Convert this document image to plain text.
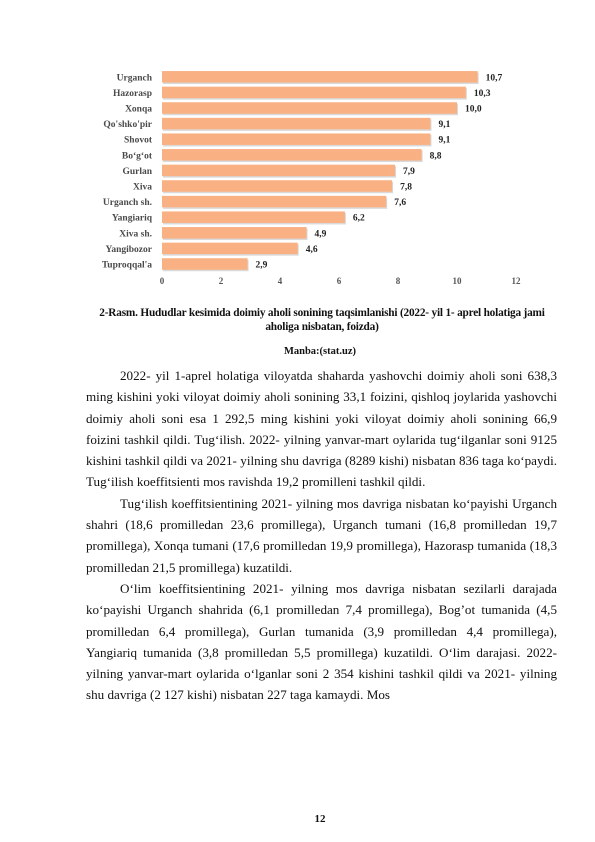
Urganch	10,7
Hazorasp	10,3
Xonqa	10,0
Qo'shko'pir	9,1
Shovot	9,1
Bo‘g‘ot	8,8
Gurlan	7,9
Xiva	7,8
Urganch sh.	7,6
Yangiariq	6,2
Xiva sh.	4,9
Yangibozor	4,6
Tuproqqal'a	2,9
0	2	4	6	8	10	12
2-Rasm. Hududlar kesimida doimiy aholi sonining taqsimlanishi (2022- yil 1- aprel holatiga jami aholiga nisbatan, foizda)
Manba:(stat.uz)

2022- yil 1-aprel holatiga viloyatda shaharda yashovchi doimiy aholi soni 638,3 ming kishini yoki viloyat doimiy aholi sonining 33,1 foizini, qishloq joylarida yashovchi doimiy aholi soni esa 1 292,5 ming kishini yoki viloyat doimiy aholi sonining 66,9 foizini tashkil qildi. Tug‘ilish. 2022- yilning yanvar-mart oylarida tug‘ilganlar soni 9125 kishini tashkil qildi va 2021- yilning shu davriga (8289 kishi) nisbatan 836 taga ko‘paydi. Tug‘ilish koeffitsienti mos ravishda 19,2 promilleni tashkil qildi.

Tug‘ilish koeffitsientining 2021- yilning mos davriga nisbatan ko‘payishi Urganch shahri (18,6 promilledan 23,6 promillega), Urganch tumani (16,8 promilledan 19,7 promillega), Xonqa tumani (17,6 promilledan 19,9 promillega), Hazorasp tumanida (18,3 promilledan 21,5 promillega) kuzatildi.

O‘lim koeffitsientining 2021- yilning mos davriga nisbatan sezilarli darajada ko‘payishi Urganch shahrida (6,1 promilledan 7,4 promillega), Bog’ot tumanida (4,5 promilledan 6,4 promillega), Gurlan tumanida (3,9 promilledan 4,4 promillega), Yangiariq tumanida (3,8 promilledan 5,5 promillega) kuzatildi. O‘lim darajasi. 2022- yilning yanvar-mart oylarida o‘lganlar soni 2 354 kishini tashkil qildi va 2021- yilning shu davriga (2 127 kishi) nisbatan 227 taga kamaydi. Mos

12
